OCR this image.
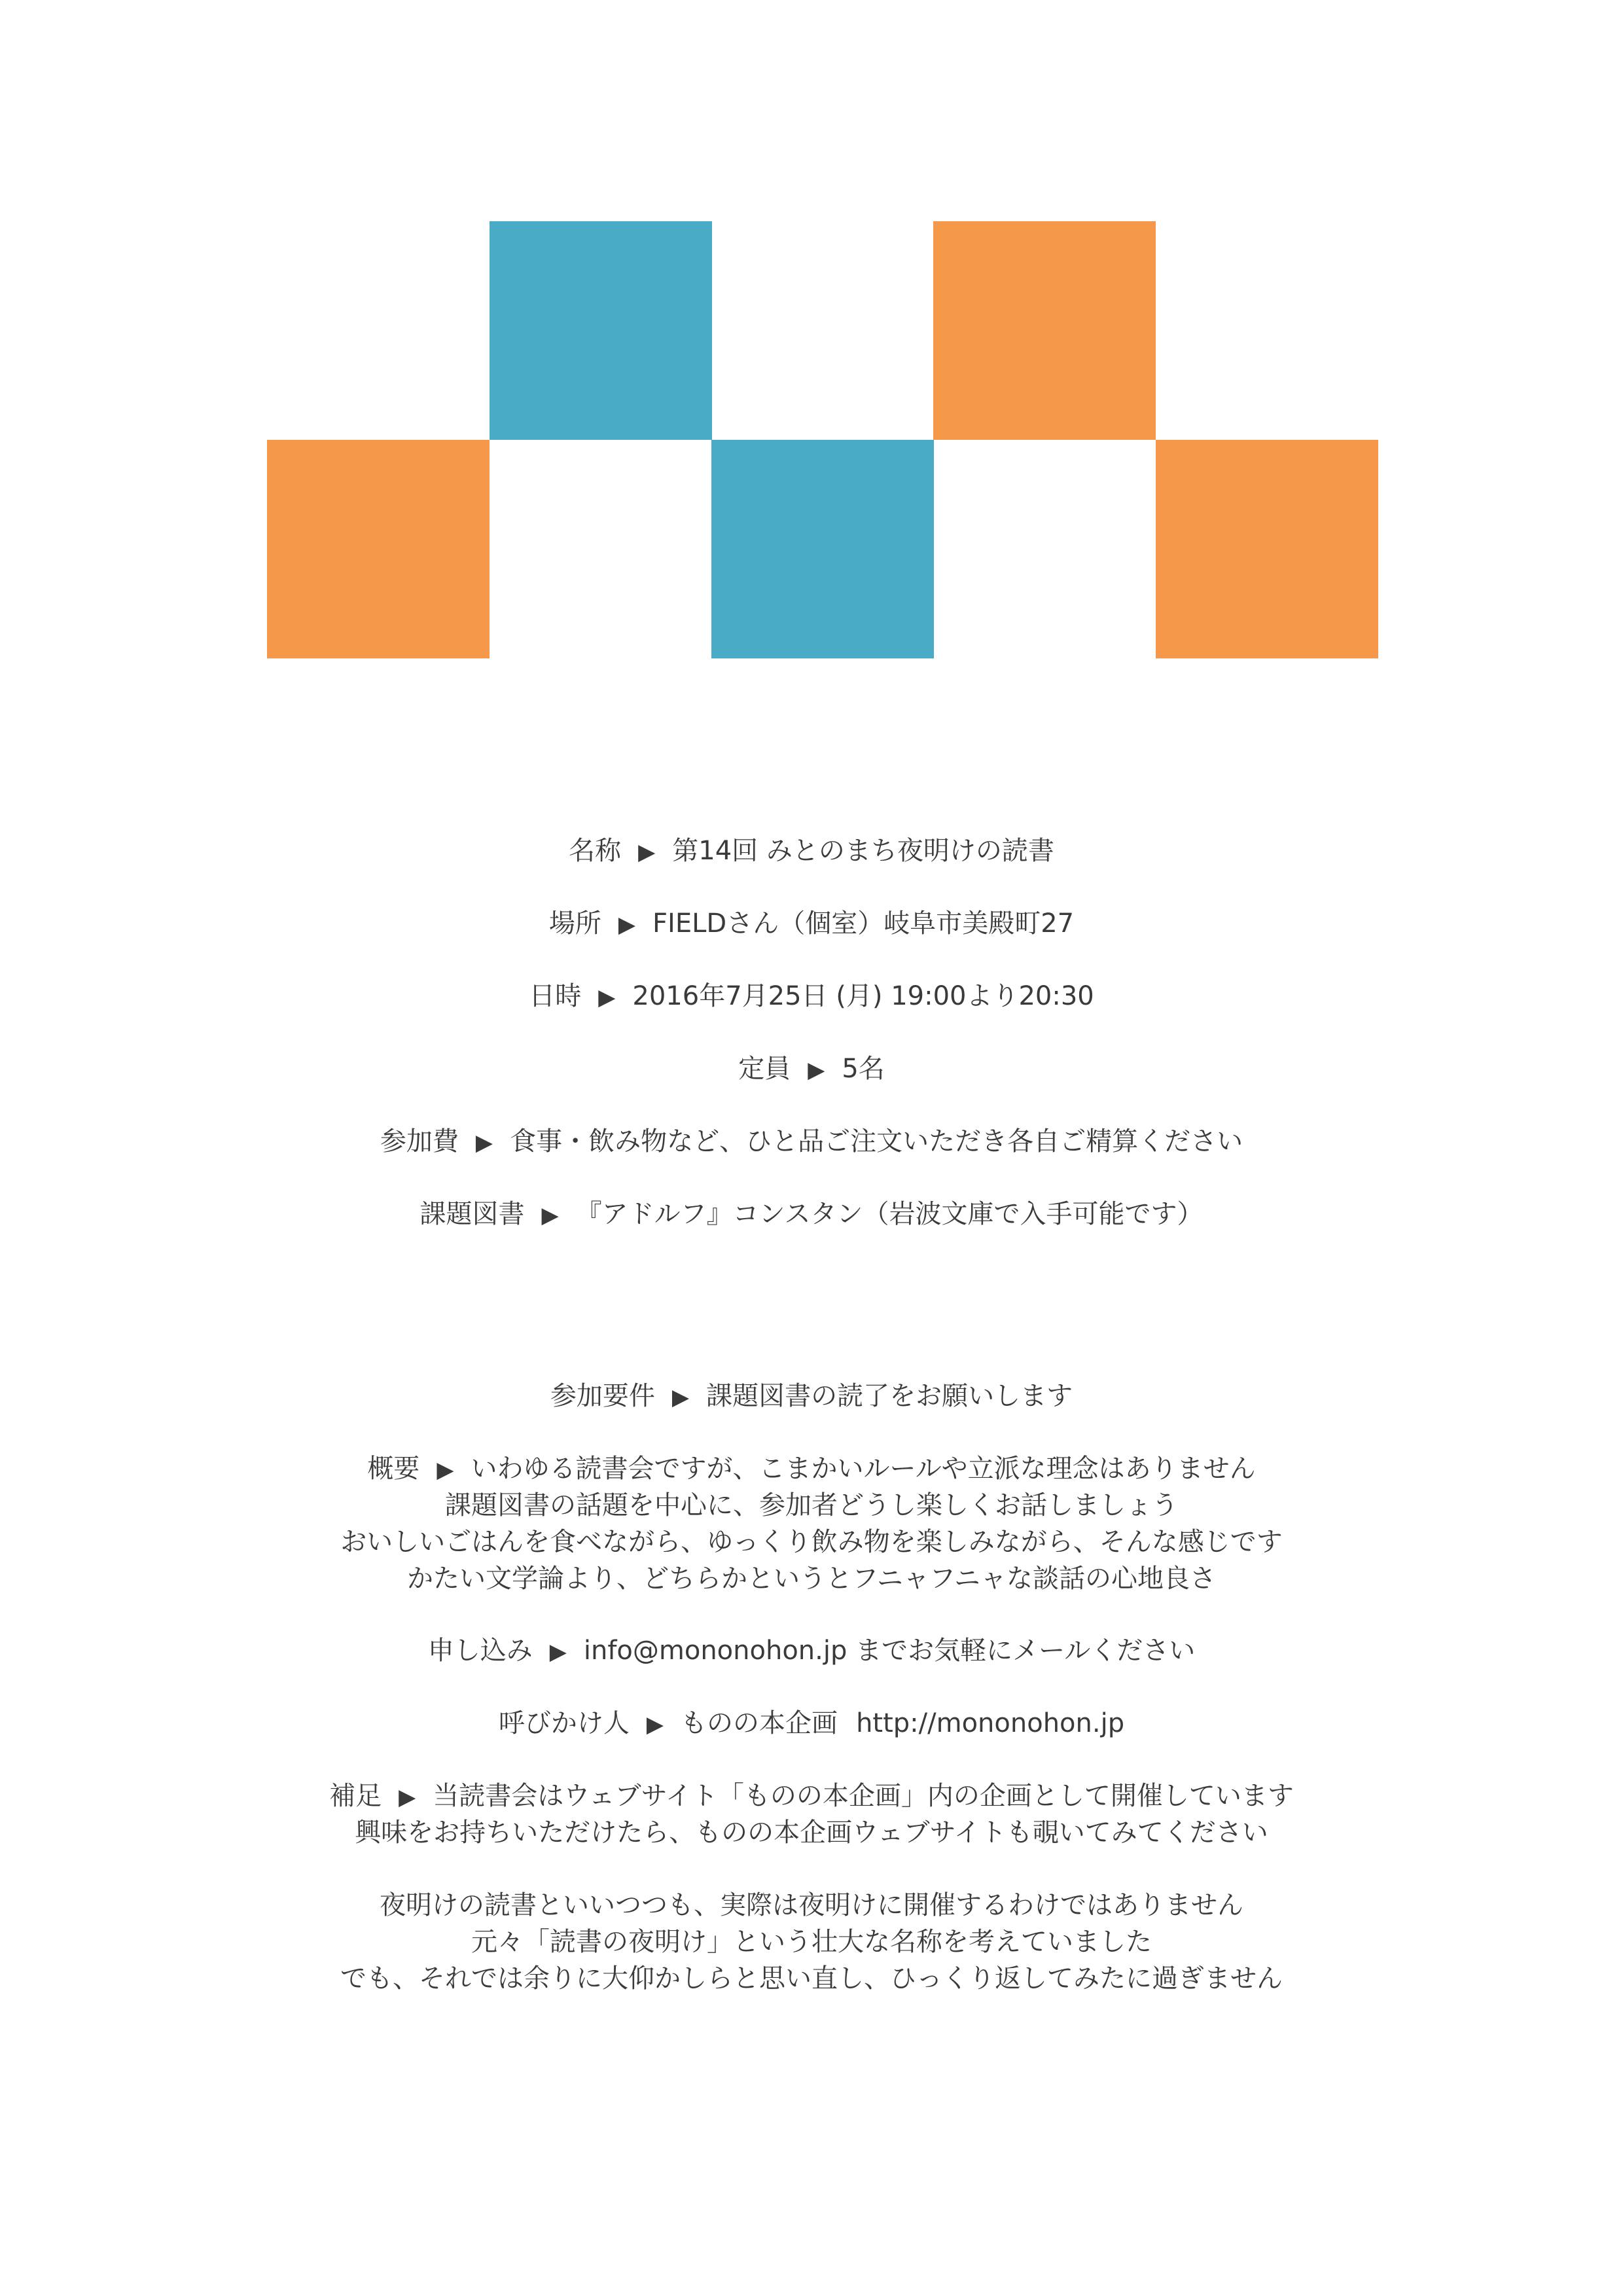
名称 ▶ 第14回 みとのまち夜明けの読書
場所 ▶ FIELDさん（個室）岐阜市美殿町27
日時 ▶ 2016年7月25日 (月) 19:00より20:30
定員 ▶ 5名
参加費 ▶ 食事・飲み物など、ひと品ご注文いただき各自ご精算ください
課題図書 ▶ 『アドルフ』コンスタン（岩波文庫で入手可能です）
参加要件 ▶ 課題図書の読了をお願いします
概要 ▶ いわゆる読書会ですが、こまかいルールや立派な理念はありません
課題図書の話題を中心に、参加者どうし楽しくお話しましょう
おいしいごはんを食べながら、ゆっくり飲み物を楽しみながら、そんな感じです
かたい文学論より、どちらかというとフニャフニャな談話の心地良さ
申し込み ▶ info@mononohon.jp までお気軽にメールください
呼びかけ人 ▶ ものの本企画 http://mononohon.jp
補足 ▶ 当読書会はウェブサイト「ものの本企画」内の企画として開催しています
興味をお持ちいただけたら、ものの本企画ウェブサイトも覗いてみてください
夜明けの読書といいつつも、実際は夜明けに開催するわけではありません
元々「読書の夜明け」という壮大な名称を考えていました
でも、それでは余りに大仰かしらと思い直し、ひっくり返してみたに過ぎません
